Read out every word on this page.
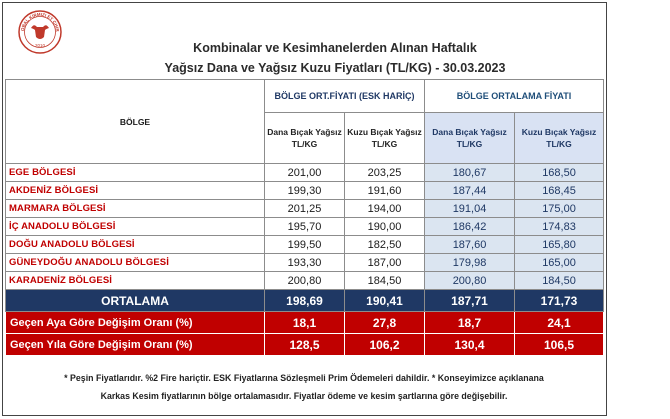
OBAL KIRMIZI ET CHIR
2010	Kombinalar ve Kesimhanelerden Alınan Haftalık
Yağsız Dana ve Yağsız Kuzu Fiyatları (TL/KG) - 30.03.2023
BÖLGE	BÖLGE ORT.FİYATI (ESK HARİÇ)		BÖLGE ORTALAMA FİYATI	
	Dana Bıçak Yağsız TL/KG	Kuzu Bıçak Yağsız TL/KG	Dana Bıçak Yağsız TL/KG	Kuzu Bıçak Yağsız TL/KG
EGE BÖLGESİ	201,00	203,25	180,67	168,50
AKDENİZ BÖLGESİ	199,30	191,60	187,44	168,45
MARMARA BÖLGESİ	201,25	194,00	191,04	175,00
İÇ ANADOLU BÖLGESİ	195,70	190,00	186,42	174,83
DOĞU ANADOLU BÖLGESİ	199,50	182,50	187,60	165,80
GÜNEYDOĞU ANADOLU BÖLGESİ	193,30	187,00	179,98	165,00
KARADENİZ BÖLGESİ	200,80	184,50	200,80	184,50
ORTALAMA	198,69	190,41	187,71	171,73
Geçen Aya Göre Değişim Oranı (%)	18,1	27,8	18,7	24,1
Geçen Yıla Göre Değişim Oranı (%)	128,5	106,2	130,4	106,5
* Peşin Fiyatlarıdır. %2 Fire hariçtir. ESK Fiyatlarına Sözleşmeli Prim Ödemeleri dahildir. * Konseyimizce açıklanana
Karkas Kesim fiyatlarının bölge ortalamasıdır. Fiyatlar ödeme ve kesim şartlarına göre değişebilir.
